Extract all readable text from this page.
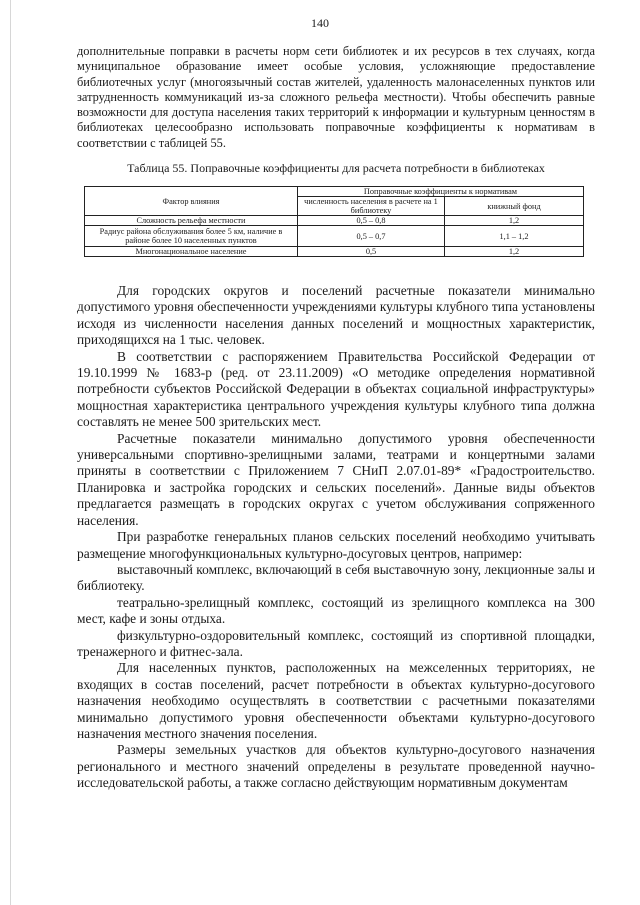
140

дополнительные поправки в расчеты норм сети библиотек и их ресурсов в тех случаях, когда муниципальное образование имеет особые условия, усложняющие предоставление библиотечных услуг (многоязычный состав жителей, удаленность малонаселенных пунктов или затрудненность коммуникаций из-за сложного рельефа местности). Чтобы обеспечить равные возможности для доступа населения таких территорий к информации и культурным ценностям в библиотеках целесообразно использовать поправочные коэффициенты к нормативам в соответствии с таблицей 55.

Таблица 55. Поправочные коэффициенты для расчета потребности в библиотеках
Фактор влияния	Поправочные коэффициенты к нормативам	
	численность населения в расчете на 1 библиотеку	книжный фонд
Сложность рельефа местности	0,5 – 0,8	1,2
Радиус района обслуживания более 5 км, наличие в районе более 10 населенных пунктов	0,5 – 0,7	1,1 – 1,2
Многонациональное население	0,5	1,2

Для городских округов и поселений расчетные показатели минимально допустимого уровня обеспеченности учреждениями культуры клубного типа установлены исходя из численности населения данных поселений и мощностных характеристик, приходящихся на 1 тыс. человек.

В соответствии с распоряжением Правительства Российской Федерации от 19.10.1999 № 1683-р (ред. от 23.11.2009) «О методике определения нормативной потребности субъектов Российской Федерации в объектах социальной инфраструктуры» мощностная характеристика центрального учреждения культуры клубного типа должна составлять не менее 500 зрительских мест.

Расчетные показатели минимально допустимого уровня обеспеченности универсальными спортивно-зрелищными залами, театрами и концертными залами приняты в соответствии с Приложением 7 СНиП 2.07.01-89* «Градостроительство. Планировка и застройка городских и сельских поселений». Данные виды объектов предлагается размещать в городских округах с учетом обслуживания сопряженного населения.

При разработке генеральных планов сельских поселений необходимо учитывать размещение многофункциональных культурно-досуговых центров, например:

выставочный комплекс, включающий в себя выставочную зону, лекционные залы и библиотеку.

театрально-зрелищный комплекс, состоящий из зрелищного комплекса на 300 мест, кафе и зоны отдыха.

физкультурно-оздоровительный комплекс, состоящий из спортивной площадки, тренажерного и фитнес-зала.

Для населенных пунктов, расположенных на межселенных территориях, не входящих в состав поселений, расчет потребности в объектах культурно-досугового назначения необходимо осуществлять в соответствии с расчетными показателями минимально допустимого уровня обеспеченности объектами культурно-досугового назначения местного значения поселения.

Размеры земельных участков для объектов культурно-досугового назначения регионального и местного значений определены в результате проведенной научно-исследовательской работы, а также согласно действующим нормативным документам
